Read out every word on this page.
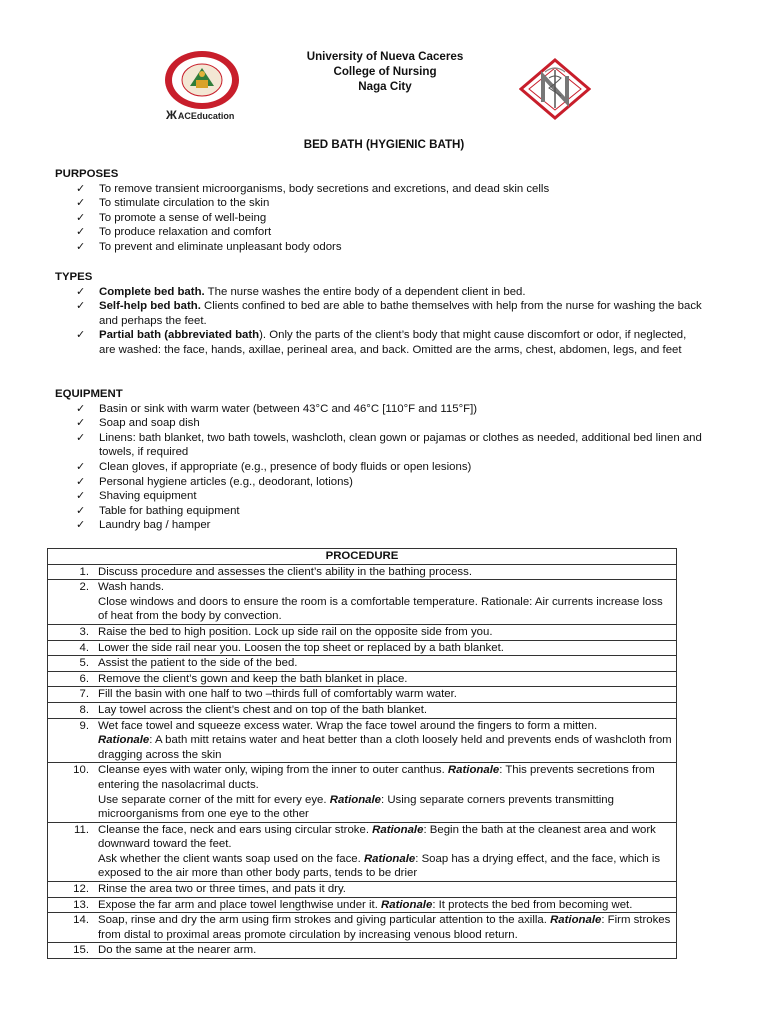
ЖACEducation
University of Nueva Caceres
College of Nursing
Naga City
BED BATH (HYGIENIC BATH)
PURPOSES
✓ To remove transient microorganisms, body secretions and excretions, and dead skin cells
✓ To stimulate circulation to the skin
✓ To promote a sense of well-being
✓ To produce relaxation and comfort
✓ To prevent and eliminate unpleasant body odors
TYPES
✓ Complete bed bath. The nurse washes the entire body of a dependent client in bed.
✓ Self-help bed bath. Clients confined to bed are able to bathe themselves with help from the nurse for washing the back and perhaps the feet.
✓ Partial bath (abbreviated bath). Only the parts of the client’s body that might cause discomfort or odor, if neglected, are washed: the face, hands, axillae, perineal area, and back. Omitted are the arms, chest, abdomen, legs, and feet
EQUIPMENT
✓ Basin or sink with warm water (between 43°C and 46°C [110°F and 115°F])
✓ Soap and soap dish
✓ Linens: bath blanket, two bath towels, washcloth, clean gown or pajamas or clothes as needed, additional bed linen and towels, if required
✓ Clean gloves, if appropriate (e.g., presence of body fluids or open lesions)
✓ Personal hygiene articles (e.g., deodorant, lotions)
✓ Shaving equipment
✓ Table for bathing equipment
✓ Laundry bag / hamper
PROCEDURE	
1.	Discuss procedure and assesses the client’s ability in the bathing process.

2.	Wash hands.
Close windows and doors to ensure the room is a comfortable temperature. Rationale: Air currents increase loss of heat from the body by convection.

3.	Raise the bed to high position. Lock up side rail on the opposite side from you.

4.	Lower the side rail near you. Loosen the top sheet or replaced by a bath blanket.

5.	Assist the patient to the side of the bed.

6.	Remove the client’s gown and keep the bath blanket in place.

7.	Fill the basin with one half to two –thirds full of comfortably warm water.

8.	Lay towel across the client’s chest and on top of the bath blanket.

9.	Wet face towel and squeeze excess water. Wrap the face towel around the fingers to form a mitten.
Rationale: A bath mitt retains water and heat better than a cloth loosely held and prevents ends of washcloth from dragging across the skin

10.	Cleanse eyes with water only, wiping from the inner to outer canthus. Rationale: This prevents secretions from entering the nasolacrimal ducts.
Use separate corner of the mitt for every eye. Rationale: Using separate corners prevents transmitting microorganisms from one eye to the other

11.	Cleanse the face, neck and ears using circular stroke. Rationale: Begin the bath at the cleanest area and work downward toward the feet.
Ask whether the client wants soap used on the face. Rationale: Soap has a drying effect, and the face, which is exposed to the air more than other body parts, tends to be drier

12.	Rinse the area two or three times, and pats it dry.

13.	Expose the far arm and place towel lengthwise under it. Rationale: It protects the bed from becoming wet.

14.	Soap, rinse and dry the arm using firm strokes and giving particular attention to the axilla. Rationale: Firm strokes from distal to proximal areas promote circulation by increasing venous blood return.

15.	Do the same at the nearer arm.
